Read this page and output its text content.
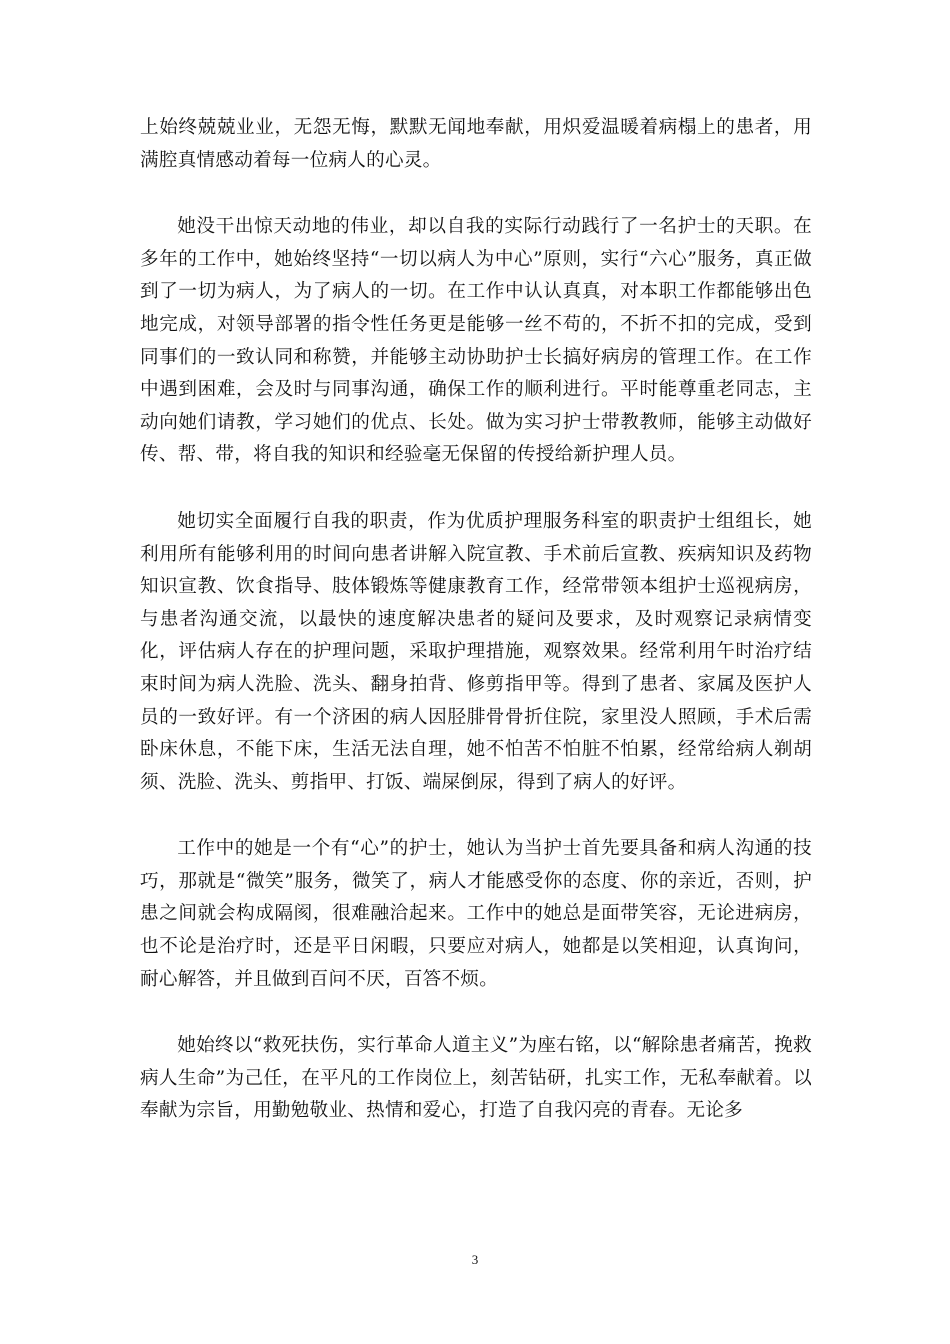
上始终兢兢业业，无怨无悔，默默无闻地奉献，用炽爱温暖着病榻上的患者，用满腔真情感动着每一位病人的心灵。

她没干出惊天动地的伟业，却以自我的实际行动践行了一名护士的天职。在多年的工作中，她始终坚持“一切以病人为中心”原则，实行“六心”服务，真正做到了一切为病人，为了病人的一切。在工作中认认真真，对本职工作都能够出色地完成，对领导部署的指令性任务更是能够一丝不苟的，不折不扣的完成，受到同事们的一致认同和称赞，并能够主动协助护士长搞好病房的管理工作。在工作中遇到困难，会及时与同事沟通，确保工作的顺利进行。平时能尊重老同志，主动向她们请教，学习她们的优点、长处。做为实习护士带教教师，能够主动做好传、帮、带，将自我的知识和经验毫无保留的传授给新护理人员。

她切实全面履行自我的职责，作为优质护理服务科室的职责护士组组长，她利用所有能够利用的时间向患者讲解入院宣教、手术前后宣教、疾病知识及药物知识宣教、饮食指导、肢体锻炼等健康教育工作，经常带领本组护士巡视病房，与患者沟通交流，以最快的速度解决患者的疑问及要求，及时观察记录病情变化，评估病人存在的护理问题，采取护理措施，观察效果。经常利用午时治疗结束时间为病人洗脸、洗头、翻身拍背、修剪指甲等。得到了患者、家属及医护人员的一致好评。有一个济困的病人因胫腓骨骨折住院，家里没人照顾，手术后需卧床休息，不能下床，生活无法自理，她不怕苦不怕脏不怕累，经常给病人剃胡须、洗脸、洗头、剪指甲、打饭、端屎倒尿，得到了病人的好评。

工作中的她是一个有“心”的护士，她认为当护士首先要具备和病人沟通的技巧，那就是“微笑”服务，微笑了，病人才能感受你的态度、你的亲近，否则，护患之间就会构成隔阂，很难融洽起来。工作中的她总是面带笑容，无论进病房，也不论是治疗时，还是平日闲暇，只要应对病人，她都是以笑相迎，认真询问，耐心解答，并且做到百问不厌，百答不烦。

她始终以“救死扶伤，实行革命人道主义”为座右铭，以“解除患者痛苦，挽救病人生命”为己任，在平凡的工作岗位上，刻苦钻研，扎实工作，无私奉献着。以奉献为宗旨，用勤勉敬业、热情和爱心，打造了自我闪亮的青春。无论多

3
